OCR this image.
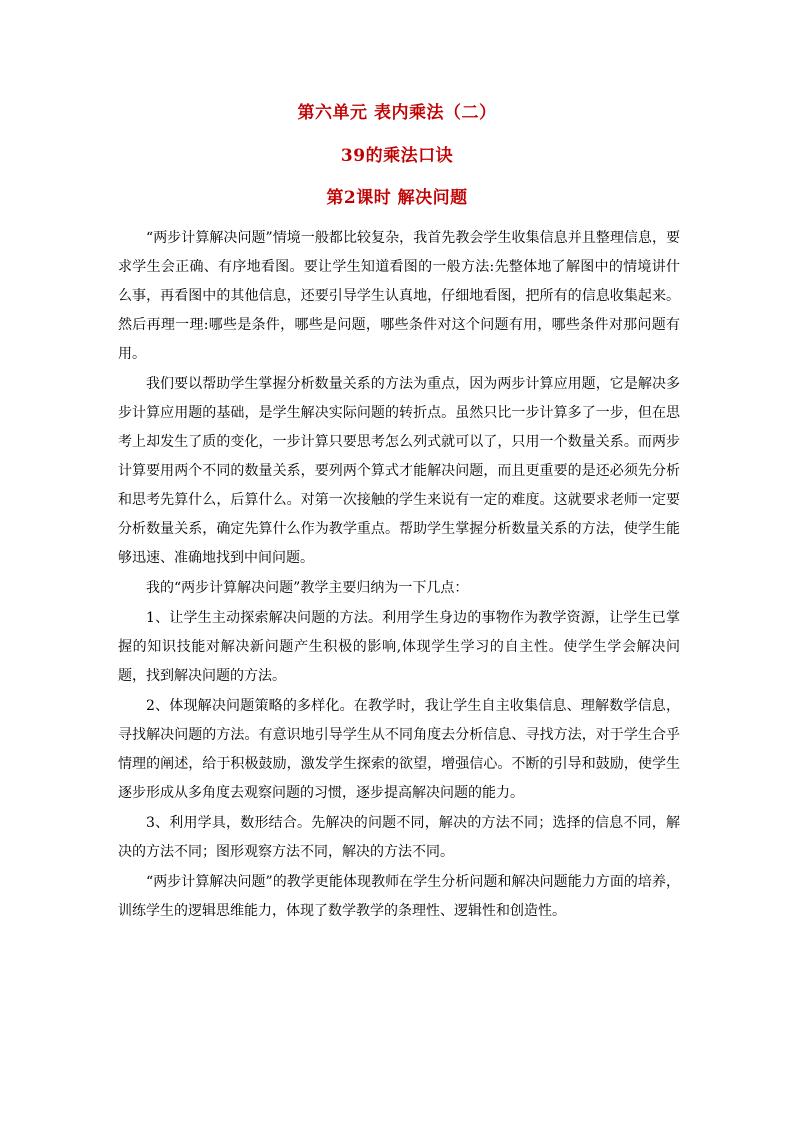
第六单元 表内乘法（二）
39的乘法口诀
第2课时 解决问题

“两步计算解决问题”情境一般都比较复杂，我首先教会学生收集信息并且整理信息，要求学生会正确、有序地看图。要让学生知道看图的一般方法:先整体地了解图中的情境讲什么事，再看图中的其他信息，还要引导学生认真地，仔细地看图，把所有的信息收集起来。然后再理一理:哪些是条件，哪些是问题，哪些条件对这个问题有用，哪些条件对那问题有用。

我们要以帮助学生掌握分析数量关系的方法为重点，因为两步计算应用题，它是解决多步计算应用题的基础，是学生解决实际问题的转折点。虽然只比一步计算多了一步，但在思考上却发生了质的变化，一步计算只要思考怎么列式就可以了，只用一个数量关系。而两步计算要用两个不同的数量关系，要列两个算式才能解决问题，而且更重要的是还必须先分析和思考先算什么，后算什么。对第一次接触的学生来说有一定的难度。这就要求老师一定要分析数量关系，确定先算什么作为教学重点。帮助学生掌握分析数量关系的方法，使学生能够迅速、准确地找到中间问题。

我的“两步计算解决问题”教学主要归纳为一下几点：

1、让学生主动探索解决问题的方法。利用学生身边的事物作为教学资源，让学生已掌握的知识技能对解决新问题产生积极的影响,体现学生学习的自主性。使学生学会解决问题，找到解决问题的方法。

2、体现解决问题策略的多样化。在教学时，我让学生自主收集信息、理解数学信息，寻找解决问题的方法。有意识地引导学生从不同角度去分析信息、寻找方法，对于学生合乎情理的阐述，给于积极鼓励，激发学生探索的欲望，增强信心。不断的引导和鼓励，使学生逐步形成从多角度去观察问题的习惯，逐步提高解决问题的能力。

3、利用学具，数形结合。先解决的问题不同，解决的方法不同；选择的信息不同，解决的方法不同；图形观察方法不同，解决的方法不同。

“两步计算解决问题”的教学更能体现教师在学生分析问题和解决问题能力方面的培养，训练学生的逻辑思维能力，体现了数学教学的条理性、逻辑性和创造性。
